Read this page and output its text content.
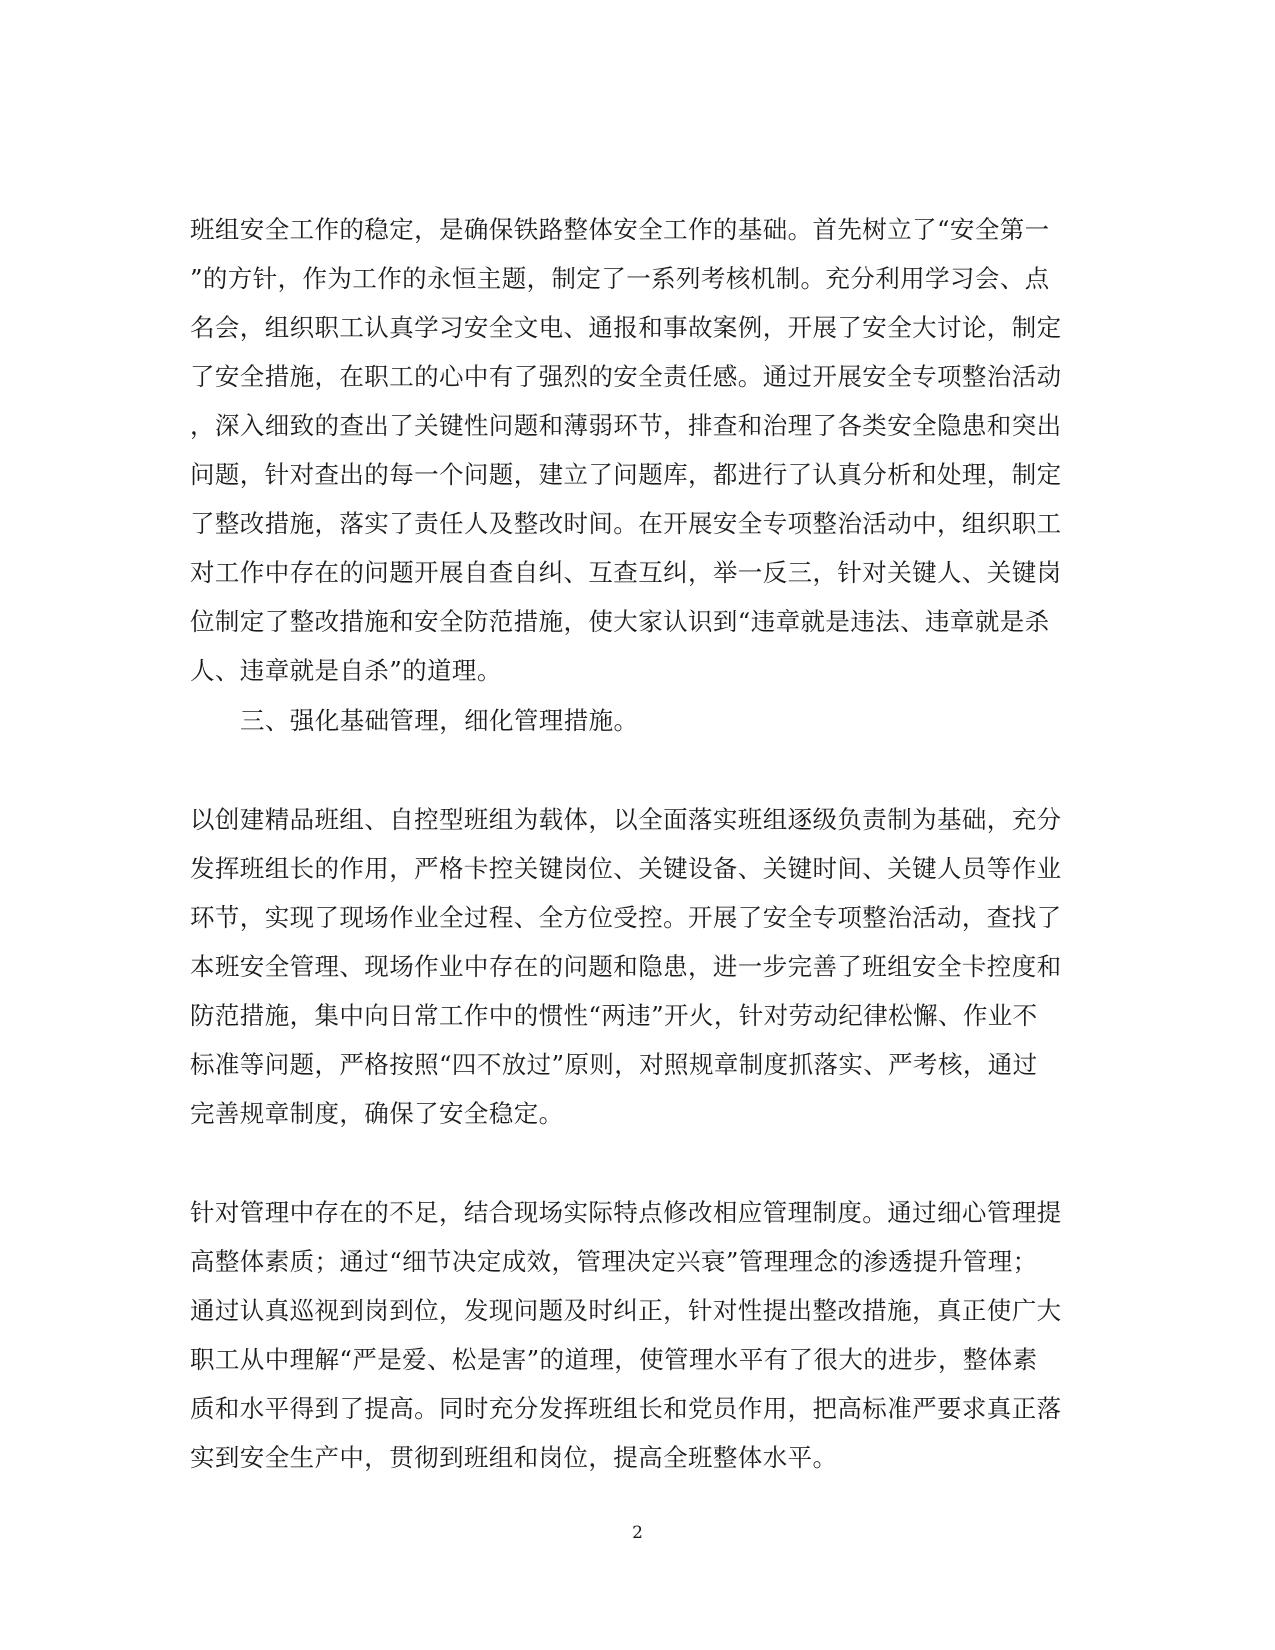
班组安全工作的稳定，是确保铁路整体安全工作的基础。首先树立了“安全第一
”的方针，作为工作的永恒主题，制定了一系列考核机制。充分利用学习会、点
名会，组织职工认真学习安全文电、通报和事故案例，开展了安全大讨论，制定
了安全措施，在职工的心中有了强烈的安全责任感。通过开展安全专项整治活动
，深入细致的查出了关键性问题和薄弱环节，排查和治理了各类安全隐患和突出
问题，针对查出的每一个问题，建立了问题库，都进行了认真分析和处理，制定
了整改措施，落实了责任人及整改时间。在开展安全专项整治活动中，组织职工
对工作中存在的问题开展自查自纠、互查互纠，举一反三，针对关键人、关键岗
位制定了整改措施和安全防范措施，使大家认识到“违章就是违法、违章就是杀
人、违章就是自杀”的道理。
三、强化基础管理，细化管理措施。
以创建精品班组、自控型班组为载体，以全面落实班组逐级负责制为基础，充分
发挥班组长的作用，严格卡控关键岗位、关键设备、关键时间、关键人员等作业
环节，实现了现场作业全过程、全方位受控。开展了安全专项整治活动，查找了
本班安全管理、现场作业中存在的问题和隐患，进一步完善了班组安全卡控度和
防范措施，集中向日常工作中的惯性“两违”开火，针对劳动纪律松懈、作业不
标准等问题，严格按照“四不放过”原则，对照规章制度抓落实、严考核，通过
完善规章制度，确保了安全稳定。
针对管理中存在的不足，结合现场实际特点修改相应管理制度。通过细心管理提
高整体素质；通过“细节决定成效，管理决定兴衰”管理理念的渗透提升管理；
通过认真巡视到岗到位，发现问题及时纠正，针对性提出整改措施，真正使广大
职工从中理解“严是爱、松是害”的道理，使管理水平有了很大的进步，整体素
质和水平得到了提高。同时充分发挥班组长和党员作用，把高标准严要求真正落
实到安全生产中，贯彻到班组和岗位，提高全班整体水平。
2
